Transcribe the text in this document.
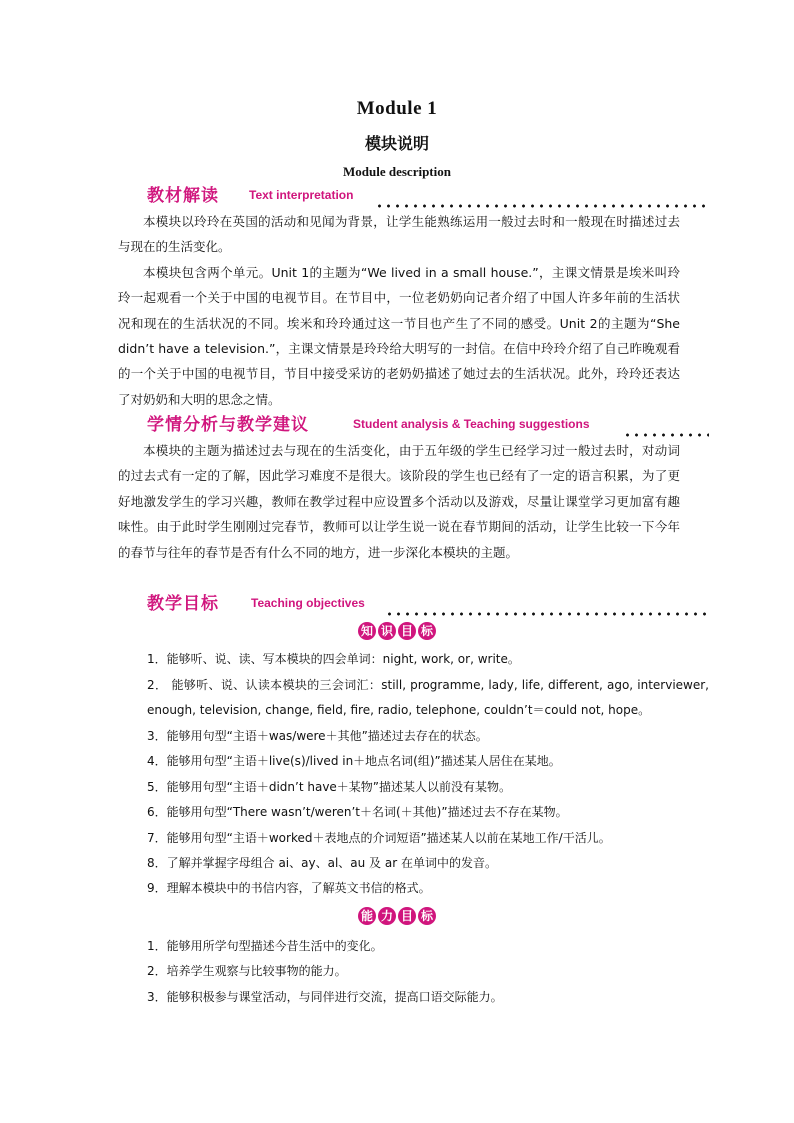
Module 1
模块说明
Module description
教材解读	Text interpretation

本模块以玲玲在英国的活动和见闻为背景，让学生能熟练运用一般过去时和一般现在时描述过去与现在的生活变化。

本模块包含两个单元。Unit 1的主题为“We lived in a small house.”，主课文情景是埃米叫玲玲一起观看一个关于中国的电视节目。在节目中，一位老奶奶向记者介绍了中国人许多年前的生活状况和现在的生活状况的不同。埃米和玲玲通过这一节目也产生了不同的感受。Unit 2的主题为“She didn’t have a television.”，主课文情景是玲玲给大明写的一封信。在信中玲玲介绍了自己昨晚观看的一个关于中国的电视节目，节目中接受采访的老奶奶描述了她过去的生活状况。此外，玲玲还表达了对奶奶和大明的思念之情。

学情分析与教学建议	Student analysis & Teaching suggestions

本模块的主题为描述过去与现在的生活变化，由于五年级的学生已经学习过一般过去时，对动词的过去式有一定的了解，因此学习难度不是很大。该阶段的学生也已经有了一定的语言积累，为了更好地激发学生的学习兴趣，教师在教学过程中应设置多个活动以及游戏，尽量让课堂学习更加富有趣味性。由于此时学生刚刚过完春节，教师可以让学生说一说在春节期间的活动，让学生比较一下今年的春节与往年的春节是否有什么不同的地方，进一步深化本模块的主题。

教学目标	Teaching objectives
知 识 目 标
1．能够听、说、读、写本模块的四会单词：night, work, or, write。
2． 能够听、说、认读本模块的三会词汇：still, programme, lady, life, different, ago, interviewer, enough, television, change, field, fire, radio, telephone, couldn’t＝could not, hope。
3．能够用句型“主语＋was/were＋其他”描述过去存在的状态。
4．能够用句型“主语＋live(s)/lived in＋地点名词(组)”描述某人居住在某地。
5．能够用句型“主语＋didn’t have＋某物”描述某人以前没有某物。
6．能够用句型“There wasn’t/weren’t＋名词(＋其他)”描述过去不存在某物。
7．能够用句型“主语＋worked＋表地点的介词短语”描述某人以前在某地工作/干活儿。
8．了解并掌握字母组合 ai、ay、al、au 及 ar 在单词中的发音。
9．理解本模块中的书信内容，了解英文书信的格式。
能 力 目 标
1．能够用所学句型描述今昔生活中的变化。
2．培养学生观察与比较事物的能力。
3．能够积极参与课堂活动，与同伴进行交流，提高口语交际能力。
